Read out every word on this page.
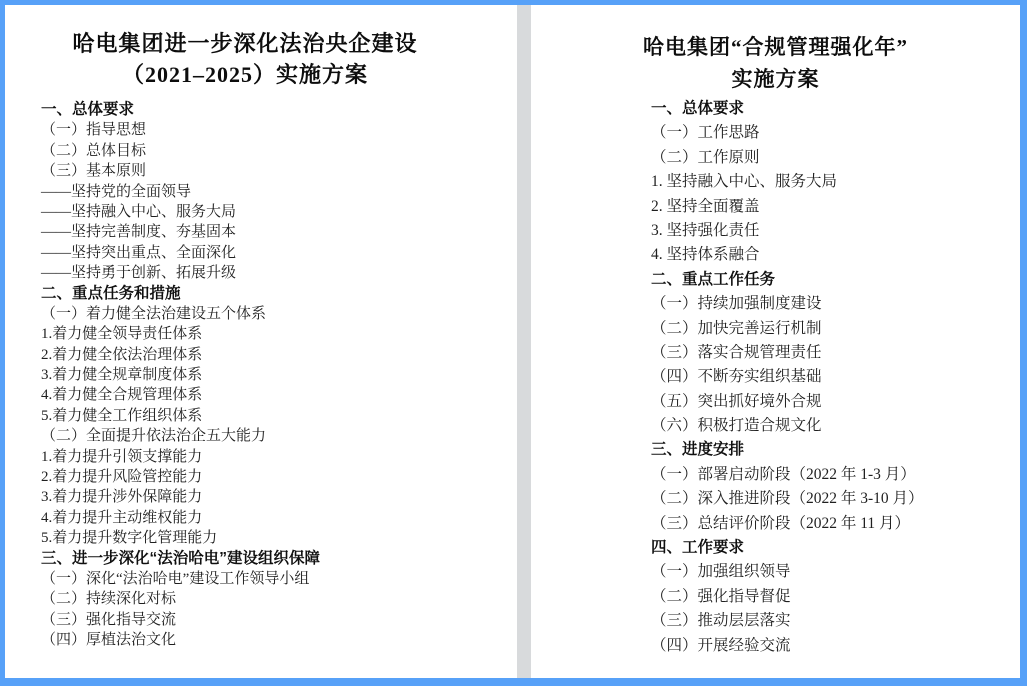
哈电集团进一步深化法治央企建设
（2021–2025）实施方案
一、总体要求
（一）指导思想
（二）总体目标
（三）基本原则
——坚持党的全面领导
——坚持融入中心、服务大局
——坚持完善制度、夯基固本
——坚持突出重点、全面深化
——坚持勇于创新、拓展升级
二、重点任务和措施
（一）着力健全法治建设五个体系
1.着力健全领导责任体系
2.着力健全依法治理体系
3.着力健全规章制度体系
4.着力健全合规管理体系
5.着力健全工作组织体系
（二）全面提升依法治企五大能力
1.着力提升引领支撑能力
2.着力提升风险管控能力
3.着力提升涉外保障能力
4.着力提升主动维权能力
5.着力提升数字化管理能力
三、进一步深化“法治哈电”建设组织保障
（一）深化“法治哈电”建设工作领导小组
（二）持续深化对标
（三）强化指导交流
（四）厚植法治文化
哈电集团“合规管理强化年”
实施方案
一、总体要求
（一）工作思路
（二）工作原则
1. 坚持融入中心、服务大局
2. 坚持全面覆盖
3. 坚持强化责任
4. 坚持体系融合
二、重点工作任务
（一）持续加强制度建设
（二）加快完善运行机制
（三）落实合规管理责任
（四）不断夯实组织基础
（五）突出抓好境外合规
（六）积极打造合规文化
三、进度安排
（一）部署启动阶段（2022 年 1-3 月）
（二）深入推进阶段（2022 年 3-10 月）
（三）总结评价阶段（2022 年 11 月）
四、工作要求
（一）加强组织领导
（二）强化指导督促
（三）推动层层落实
（四）开展经验交流
